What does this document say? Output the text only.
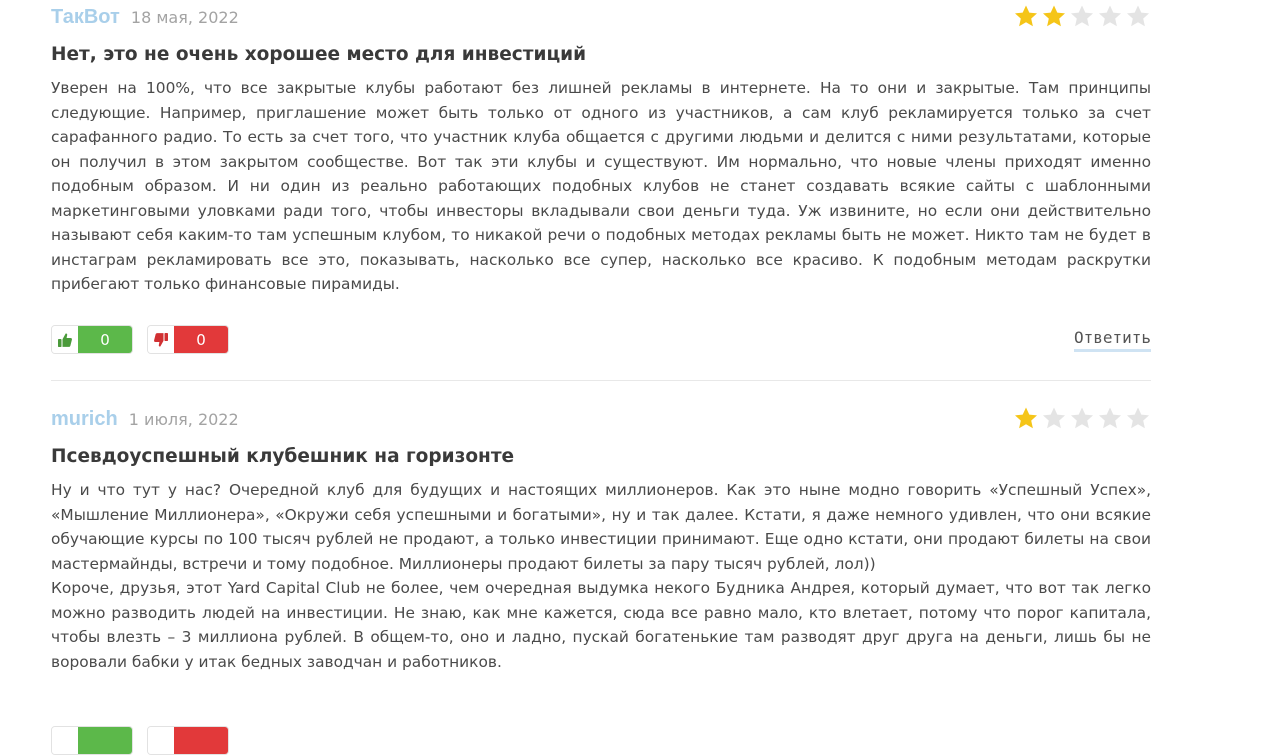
ТакВот 18 мая, 2022
Нет, это не очень хорошее место для инвестиций

Уверен на 100%, что все закрытые клубы работают без лишней рекламы в интернете. На то они и закрытые. Там принципы следующие. Например, приглашение может быть только от одного из участников, а сам клуб рекламируется только за счет сарафанного радио. То есть за счет того, что участник клуба общается с другими людьми и делится с ними результатами, которые он получил в этом закрытом сообществе. Вот так эти клубы и существуют. Им нормально, что новые члены приходят именно подобным образом. И ни один из реально работающих подобных клубов не станет создавать всякие сайты с шаблонными маркетинговыми уловками ради того, чтобы инвесторы вкладывали свои деньги туда. Уж извините, но если они действительно называют себя каким-то там успешным клубом, то никакой речи о подобных методах рекламы быть не может. Никто там не будет в инстаграм рекламировать все это, показывать, насколько все супер, насколько все красиво. К подобным методам раскрутки прибегают только финансовые пирамиды.

0	0	Ответить
murich 1 июля, 2022
Псевдоуспешный клубешник на горизонте

Ну и что тут у нас? Очередной клуб для будущих и настоящих миллионеров. Как это ныне модно говорить «Успешный Успех», «Мышление Миллионера», «Окружи себя успешными и богатыми», ну и так далее. Кстати, я даже немного удивлен, что они всякие обучающие курсы по 100 тысяч рублей не продают, а только инвестиции принимают. Еще одно кстати, они продают билеты на свои мастермайнды, встречи и тому подобное. Миллионеры продают билеты за пару тысяч рублей, лол))

Короче, друзья, этот Yard Capital Club не более, чем очередная выдумка некого Будника Андрея, который думает, что вот так легко можно разводить людей на инвестиции. Не знаю, как мне кажется, сюда все равно мало, кто влетает, потому что порог капитала, чтобы влезть – 3 миллиона рублей. В общем-то, оно и ладно, пускай богатенькие там разводят друг друга на деньги, лишь бы не воровали бабки у итак бедных заводчан и работников.
